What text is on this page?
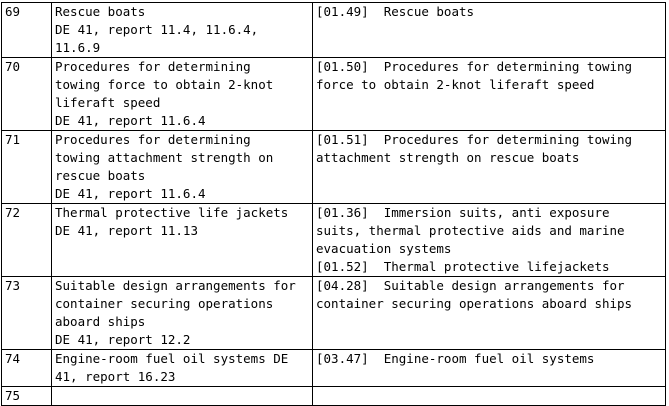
69	Rescue boats
DE 41, report 11.4, 11.6.4,
11.6.9	[01.49]  Rescue boats

70	Procedures for determining
towing force to obtain 2-knot
liferaft speed
DE 41, report 11.6.4	[01.50]  Procedures for determining towing
force to obtain 2-knot liferaft speed

71	Procedures for determining
towing attachment strength on
rescue boats
DE 41, report 11.6.4	[01.51]  Procedures for determining towing
attachment strength on rescue boats

72	Thermal protective life jackets
DE 41, report 11.13	[01.36]  Immersion suits, anti exposure
suits, thermal protective aids and marine
evacuation systems
[01.52]  Thermal protective lifejackets

73	Suitable design arrangements for
container securing operations
aboard ships
DE 41, report 12.2	[04.28]  Suitable design arrangements for
container securing operations aboard ships

74	Engine-room fuel oil systems DE
41, report 16.23	[03.47]  Engine-room fuel oil systems

75		
